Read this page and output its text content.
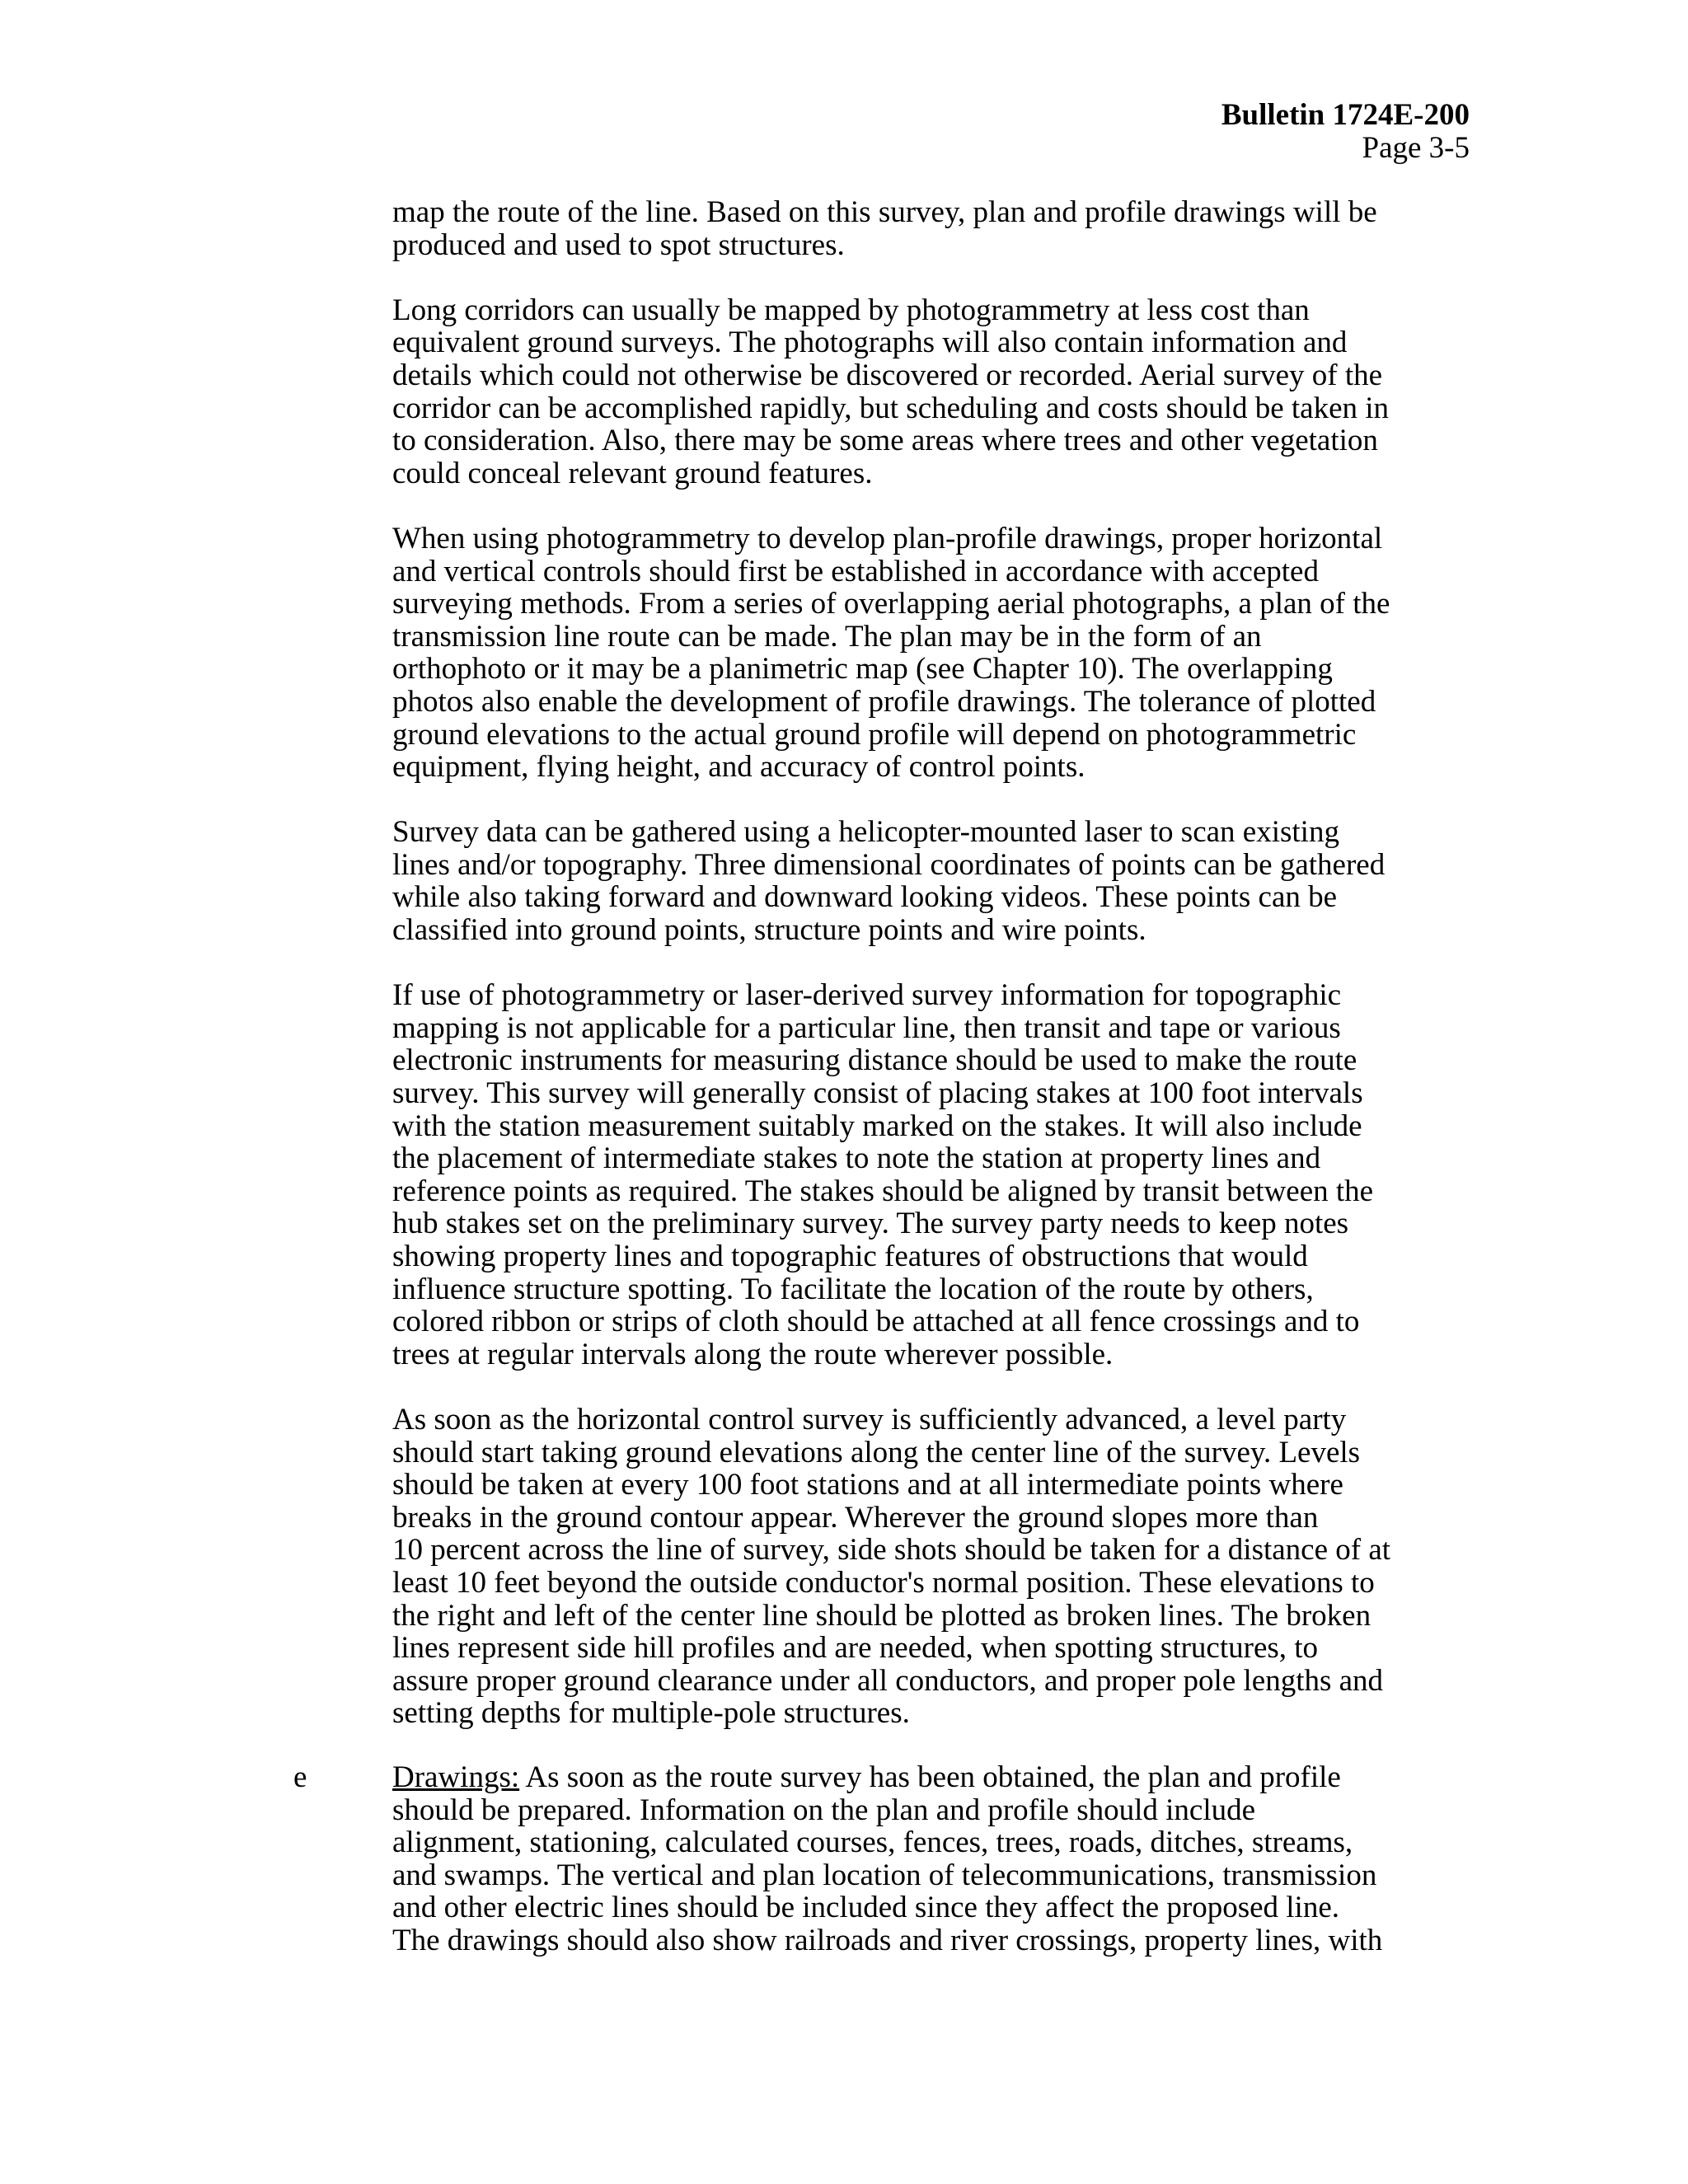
Bulletin 1724E-200
Page 3-5

map the route of the line. Based on this survey, plan and profile drawings will be
produced and used to spot structures.

Long corridors can usually be mapped by photogrammetry at less cost than
equivalent ground surveys. The photographs will also contain information and
details which could not otherwise be discovered or recorded. Aerial survey of the
corridor can be accomplished rapidly, but scheduling and costs should be taken in
to consideration. Also, there may be some areas where trees and other vegetation
could conceal relevant ground features.

When using photogrammetry to develop plan-profile drawings, proper horizontal
and vertical controls should first be established in accordance with accepted
surveying methods. From a series of overlapping aerial photographs, a plan of the
transmission line route can be made. The plan may be in the form of an
orthophoto or it may be a planimetric map (see Chapter 10). The overlapping
photos also enable the development of profile drawings. The tolerance of plotted
ground elevations to the actual ground profile will depend on photogrammetric
equipment, flying height, and accuracy of control points.

Survey data can be gathered using a helicopter-mounted laser to scan existing
lines and/or topography. Three dimensional coordinates of points can be gathered
while also taking forward and downward looking videos. These points can be
classified into ground points, structure points and wire points.

If use of photogrammetry or laser-derived survey information for topographic
mapping is not applicable for a particular line, then transit and tape or various
electronic instruments for measuring distance should be used to make the route
survey. This survey will generally consist of placing stakes at 100 foot intervals
with the station measurement suitably marked on the stakes. It will also include
the placement of intermediate stakes to note the station at property lines and
reference points as required. The stakes should be aligned by transit between the
hub stakes set on the preliminary survey. The survey party needs to keep notes
showing property lines and topographic features of obstructions that would
influence structure spotting. To facilitate the location of the route by others,
colored ribbon or strips of cloth should be attached at all fence crossings and to
trees at regular intervals along the route wherever possible.

As soon as the horizontal control survey is sufficiently advanced, a level party
should start taking ground elevations along the center line of the survey. Levels
should be taken at every 100 foot stations and at all intermediate points where
breaks in the ground contour appear. Wherever the ground slopes more than
10 percent across the line of survey, side shots should be taken for a distance of at
least 10 feet beyond the outside conductor's normal position. These elevations to
the right and left of the center line should be plotted as broken lines. The broken
lines represent side hill profiles and are needed, when spotting structures, to
assure proper ground clearance under all conductors, and proper pole lengths and
setting depths for multiple-pole structures.

e	Drawings: As soon as the route survey has been obtained, the plan and profile
should be prepared. Information on the plan and profile should include
alignment, stationing, calculated courses, fences, trees, roads, ditches, streams,
and swamps. The vertical and plan location of telecommunications, transmission
and other electric lines should be included since they affect the proposed line.
The drawings should also show railroads and river crossings, property lines, with
